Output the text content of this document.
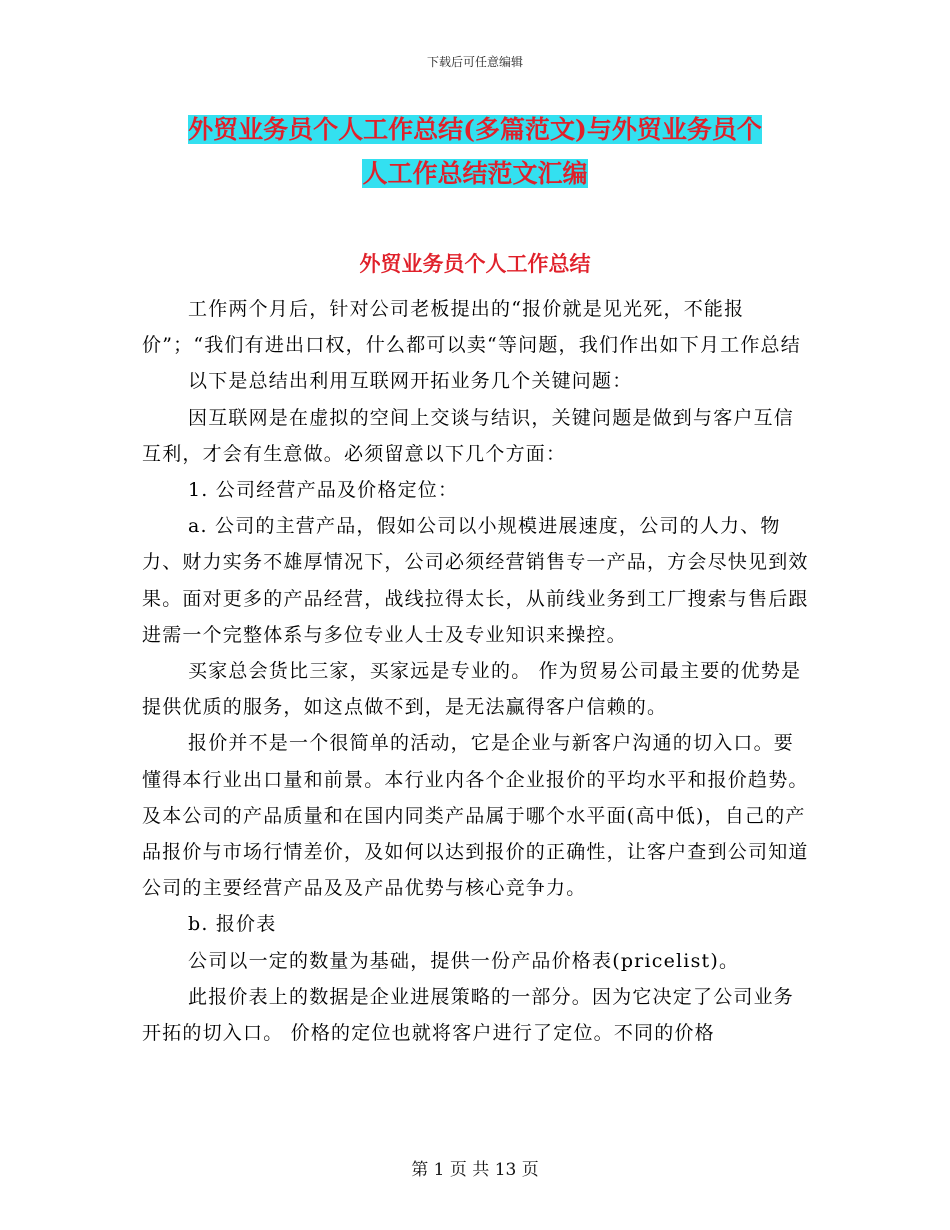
下载后可任意编辑
外贸业务员个人工作总结(多篇范文)与外贸业务员个
人工作总结范文汇编
外贸业务员个人工作总结

工作两个月后，针对公司老板提出的“报价就是见光死，不能报价”；“我们有进出口权，什么都可以卖“等问题，我们作出如下月工作总结

以下是总结出利用互联网开拓业务几个关键问题：

因互联网是在虚拟的空间上交谈与结识，关键问题是做到与客户互信互利，才会有生意做。必须留意以下几个方面：

1. 公司经营产品及价格定位：

a. 公司的主营产品，假如公司以小规模进展速度，公司的人力、物力、财力实务不雄厚情况下，公司必须经营销售专一产品，方会尽快见到效果。面对更多的产品经营，战线拉得太长，从前线业务到工厂搜索与售后跟进需一个完整体系与多位专业人士及专业知识来操控。

买家总会货比三家，买家远是专业的。 作为贸易公司最主要的优势是提供优质的服务，如这点做不到，是无法赢得客户信赖的。

报价并不是一个很简单的活动，它是企业与新客户沟通的切入口。要懂得本行业出口量和前景。本行业内各个企业报价的平均水平和报价趋势。及本公司的产品质量和在国内同类产品属于哪个水平面(高中低)，自己的产品报价与市场行情差价，及如何以达到报价的正确性，让客户查到公司知道公司的主要经营产品及及产品优势与核心竞争力。

b. 报价表

公司以一定的数量为基础，提供一份产品价格表(pricelist)。

此报价表上的数据是企业进展策略的一部分。因为它决定了公司业务开拓的切入口。 价格的定位也就将客户进行了定位。不同的价格

第 1 页 共 13 页
